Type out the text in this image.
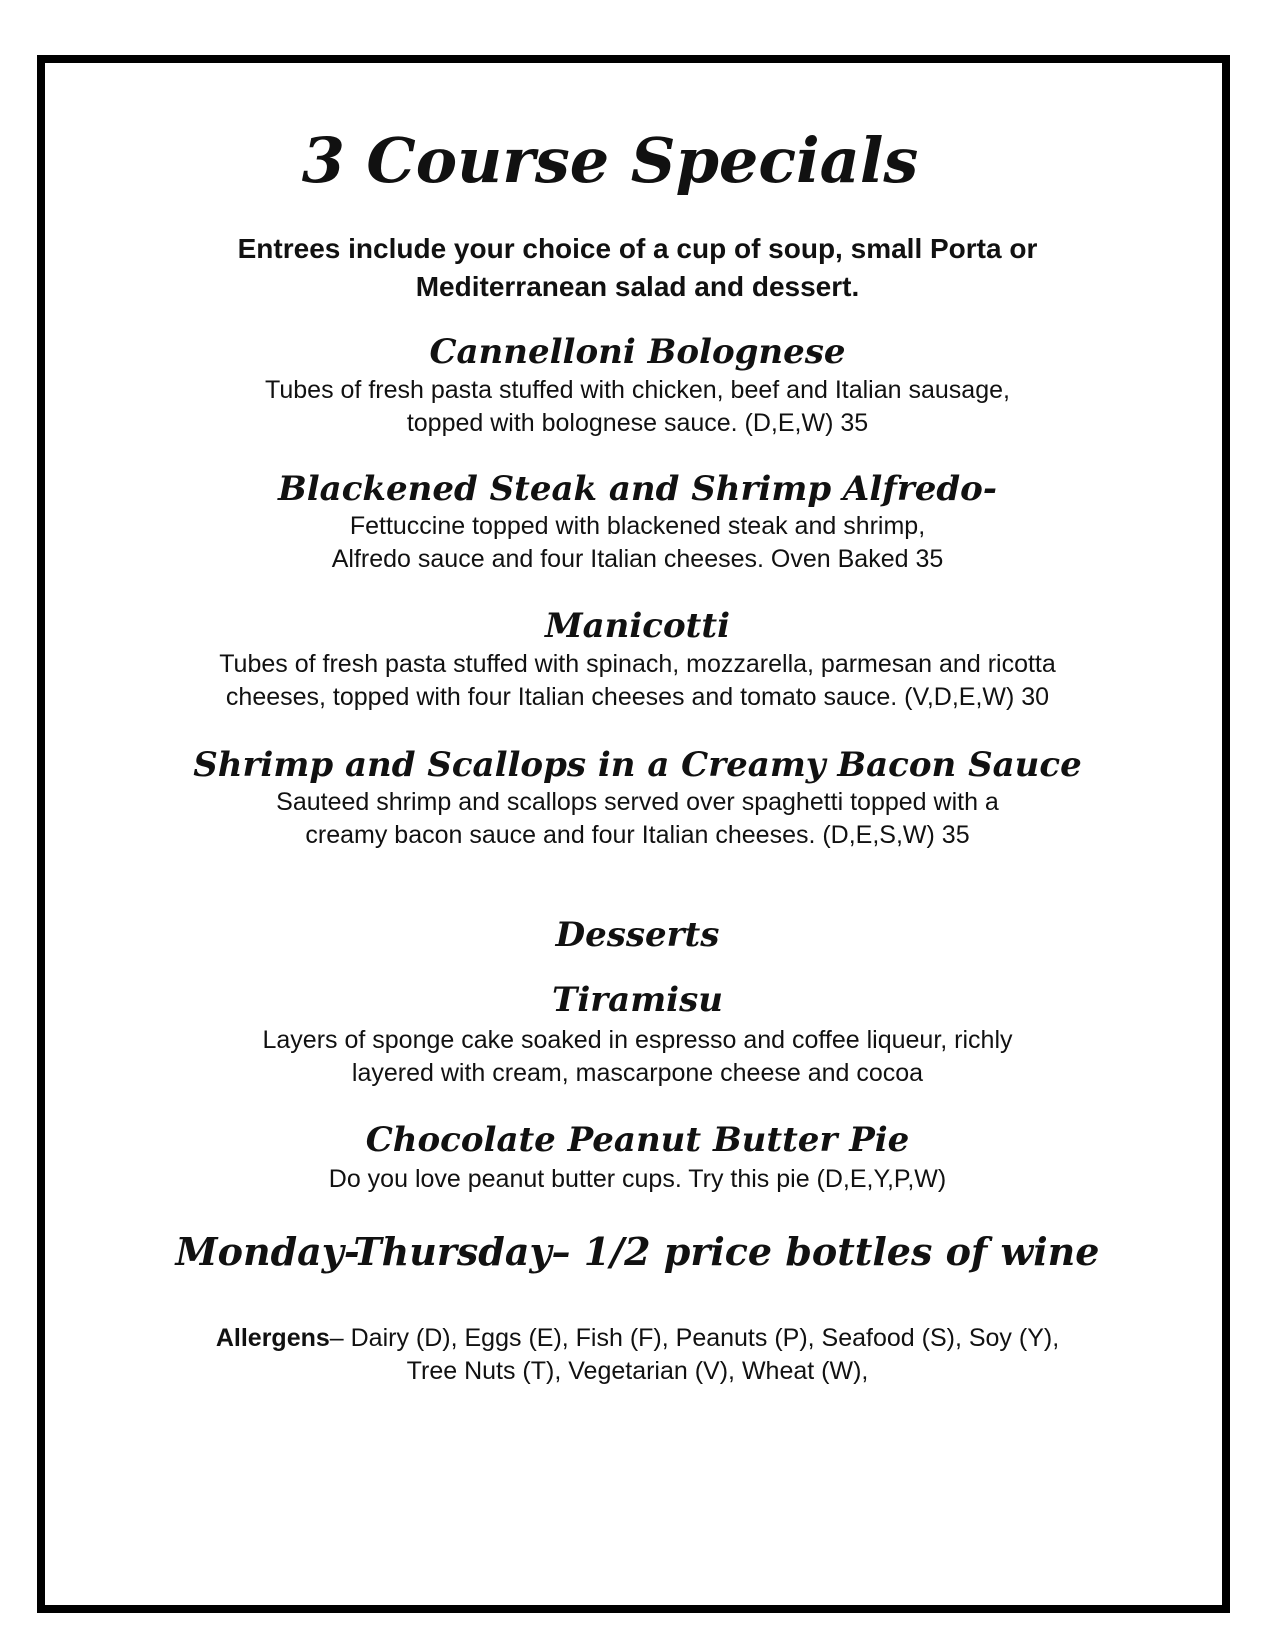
3 Course Specials

Entrees include your choice of a cup of soup, small Porta or
Mediterranean salad and dessert.

Cannelloni Bolognese

Tubes of fresh pasta stuffed with chicken, beef and Italian sausage,
topped with bolognese sauce. (D,E,W) 35

Blackened Steak and Shrimp Alfredo-

Fettuccine topped with blackened steak and shrimp,
Alfredo sauce and four Italian cheeses. Oven Baked 35

Manicotti

Tubes of fresh pasta stuffed with spinach, mozzarella, parmesan and ricotta
cheeses, topped with four Italian cheeses and tomato sauce. (V,D,E,W) 30

Shrimp and Scallops in a Creamy Bacon Sauce

Sauteed shrimp and scallops served over spaghetti topped with a
creamy bacon sauce and four Italian cheeses. (D,E,S,W) 35

Desserts
Tiramisu

Layers of sponge cake soaked in espresso and coffee liqueur, richly
layered with cream, mascarpone cheese and cocoa

Chocolate Peanut Butter Pie

Do you love peanut butter cups. Try this pie (D,E,Y,P,W)

Monday-Thursday– 1/2 price bottles of wine

Allergens– Dairy (D), Eggs (E), Fish (F), Peanuts (P), Seafood (S), Soy (Y),
Tree Nuts (T), Vegetarian (V), Wheat (W),
